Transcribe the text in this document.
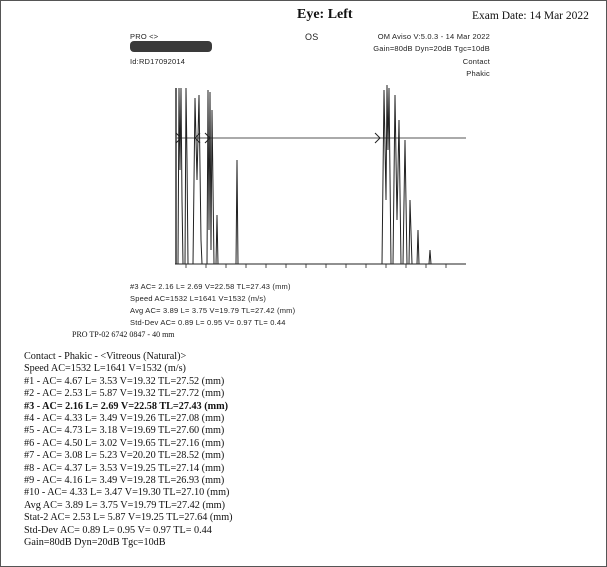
Eye: Left	Exam Date: 14 Mar 2022
PRO <>
Id:RD17092014
OS	OM Aviso V:5.0.3 - 14 Mar 2022
Gain=80dB Dyn=20dB Tgc=10dB
Contact
Phakic
#3 AC= 2.16 L= 2.69 V=22.58 TL=27.43 (mm)
Speed AC=1532 L=1641 V=1532 (m/s)
Avg AC= 3.89 L= 3.75 V=19.79 TL=27.42 (mm)
Std-Dev AC= 0.89 L= 0.95 V= 0.97 TL= 0.44
PRO TP-02 6742 0847 - 40 mm
Contact - Phakic - <Vitreous (Natural)>
Speed AC=1532 L=1641 V=1532 (m/s)
#1 - AC= 4.67 L= 3.53 V=19.32 TL=27.52 (mm)
#2 - AC= 2.53 L= 5.87 V=19.32 TL=27.72 (mm)
#3 - AC= 2.16 L= 2.69 V=22.58 TL=27.43 (mm)
#4 - AC= 4.33 L= 3.49 V=19.26 TL=27.08 (mm)
#5 - AC= 4.73 L= 3.18 V=19.69 TL=27.60 (mm)
#6 - AC= 4.50 L= 3.02 V=19.65 TL=27.16 (mm)
#7 - AC= 3.08 L= 5.23 V=20.20 TL=28.52 (mm)
#8 - AC= 4.37 L= 3.53 V=19.25 TL=27.14 (mm)
#9 - AC= 4.16 L= 3.49 V=19.28 TL=26.93 (mm)
#10 - AC= 4.33 L= 3.47 V=19.30 TL=27.10 (mm)
Avg AC= 3.89 L= 3.75 V=19.79 TL=27.42 (mm)
Stat-2 AC= 2.53 L= 5.87 V=19.25 TL=27.64 (mm)
Std-Dev AC= 0.89 L= 0.95 V= 0.97 TL= 0.44
Gain=80dB Dyn=20dB Tgc=10dB
